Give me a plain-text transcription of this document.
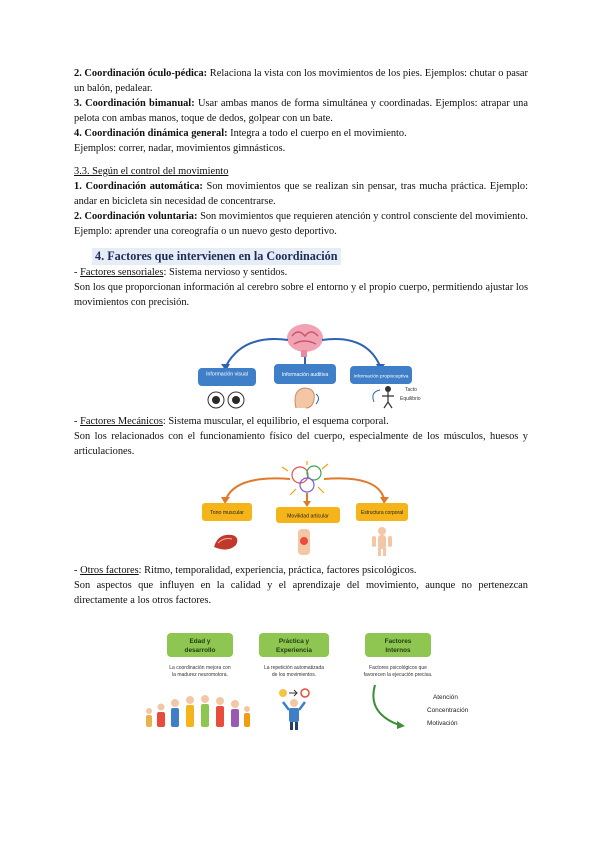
2. Coordinación óculo-pédica: Relaciona la vista con los movimientos de los pies. Ejemplos: chutar o pasar un balón, pedalear.

3. Coordinación bimanual: Usar ambas manos de forma simultánea y coordinadas. Ejemplos: atrapar una pelota con ambas manos, toque de dedos, golpear con un bate.

4. Coordinación dinámica general: Integra a todo el cuerpo en el movimiento.

Ejemplos: correr, nadar, movimientos gimnásticos.

3.3. Según el control del movimiento

1. Coordinación automática: Son movimientos que se realizan sin pensar, tras mucha práctica. Ejemplo: andar en bicicleta sin necesidad de concentrarse.

2. Coordinación voluntaria: Son movimientos que requieren atención y control consciente del movimiento. Ejemplo: aprender una coreografía o un nuevo gesto deportivo.

4. Factores que intervienen en la Coordinación

- Factores sensoriales: Sistema nervioso y sentidos.

Son los que proporcionan información al cerebro sobre el entorno y el propio cuerpo, permitiendo ajustar los movimientos con precisión.

Información visual	Información auditiva	Información propioceptiva
Tacto
Equilibrio

- Factores Mecánicos: Sistema muscular, el equilibrio, el esquema corporal.

Son los relacionados con el funcionamiento físico del cuerpo, especialmente de los músculos, huesos y articulaciones.

Tono muscular
Movilidad articular
Estructura corporal

- Otros factores: Ritmo, temporalidad, experiencia, práctica, factores psicológicos.

Son aspectos que influyen en la calidad y el aprendizaje del movimiento, aunque no pertenezcan directamente a los otros factores.

Edad y
desarrollo
La coordinación mejora con
la madurez neuromotora.
Práctica y
Experiencia
La repetición automatizada
de los movimientos.
Factores
Internos
Factores psicológicos que
favorecen la ejecución precisa.
Atención
Concentración
Motivación
